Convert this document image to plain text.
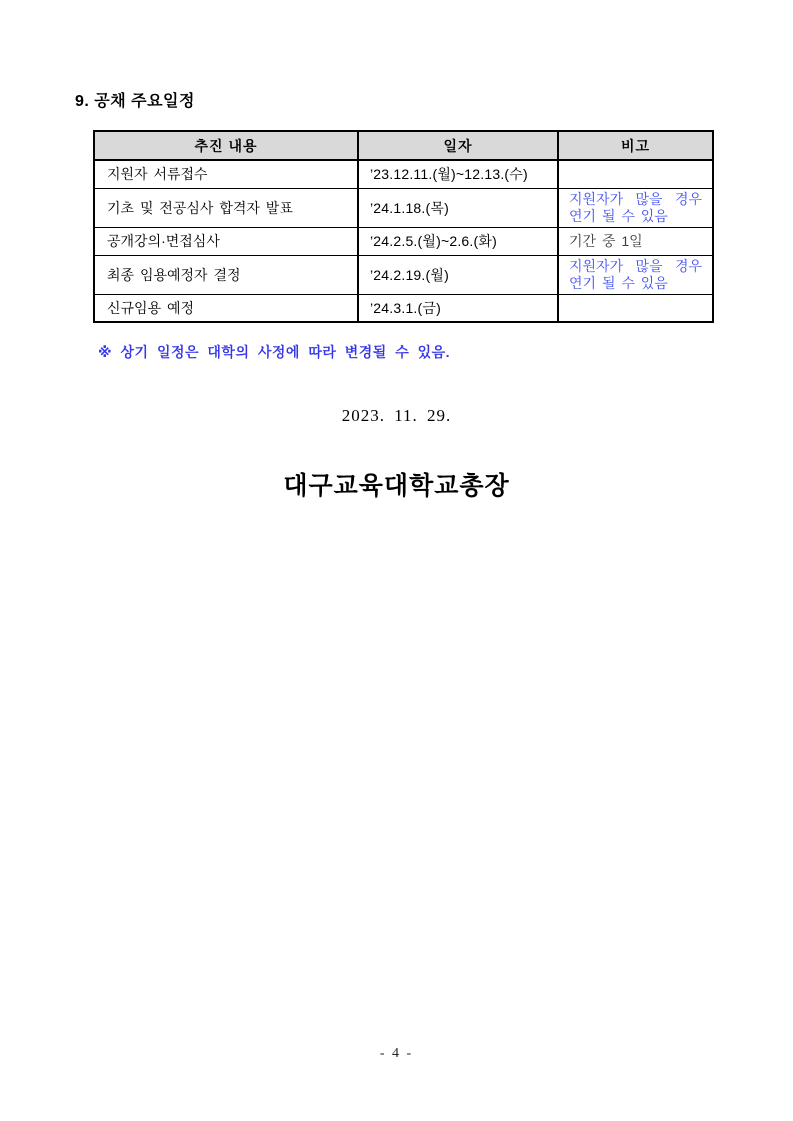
9. 공채 주요일정
추진 내용	일자	비고
지원자 서류접수	’23.12.11.(월)~12.13.(수)	
기초 및 전공심사 합격자 발표	’24.1.18.(목)	지원자가 많을 경우 연기 될 수 있음
공개강의·면접심사	’24.2.5.(월)~2.6.(화)	기간 중 1일
최종 임용예정자 결정	’24.2.19.(월)	지원자가 많을 경우 연기 될 수 있음
신규임용 예정	’24.3.1.(금)	
※ 상기 일정은 대학의 사정에 따라 변경될 수 있음.
2023. 11. 29.
대구교육대학교총장
- 4 -
